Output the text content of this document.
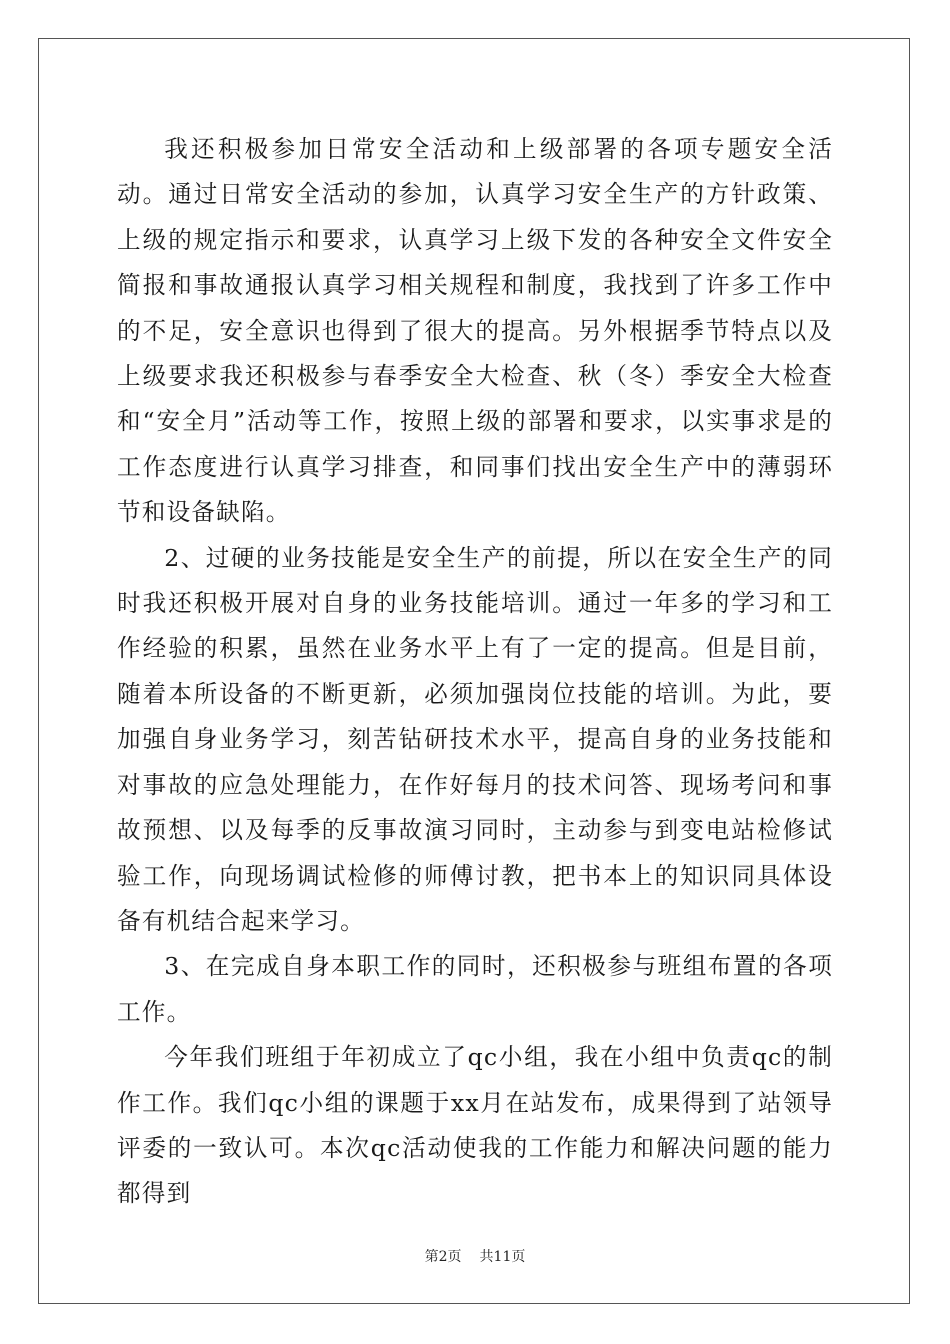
我还积极参加日常安全活动和上级部署的各项专题安全活动。通过日常安全活动的参加，认真学习安全生产的方针政策、上级的规定指示和要求，认真学习上级下发的各种安全文件安全简报和事故通报认真学习相关规程和制度，我找到了许多工作中的不足，安全意识也得到了很大的提高。另外根据季节特点以及上级要求我还积极参与春季安全大检查、秋（冬）季安全大检查和“安全月”活动等工作，按照上级的部署和要求，以实事求是的工作态度进行认真学习排查，和同事们找出安全生产中的薄弱环节和设备缺陷。

2、过硬的业务技能是安全生产的前提，所以在安全生产的同时我还积极开展对自身的业务技能培训。通过一年多的学习和工作经验的积累，虽然在业务水平上有了一定的提高。但是目前，随着本所设备的不断更新，必须加强岗位技能的培训。为此，要加强自身业务学习，刻苦钻研技术水平，提高自身的业务技能和对事故的应急处理能力，在作好每月的技术问答、现场考问和事故预想、以及每季的反事故演习同时，主动参与到变电站检修试验工作，向现场调试检修的师傅讨教，把书本上的知识同具体设备有机结合起来学习。

3、在完成自身本职工作的同时，还积极参与班组布置的各项工作。

今年我们班组于年初成立了qc小组，我在小组中负责qc的制作工作。我们qc小组的课题于xx月在站发布，成果得到了站领导评委的一致认可。本次qc活动使我的工作能力和解决问题的能力都得到

第2页 共11页
